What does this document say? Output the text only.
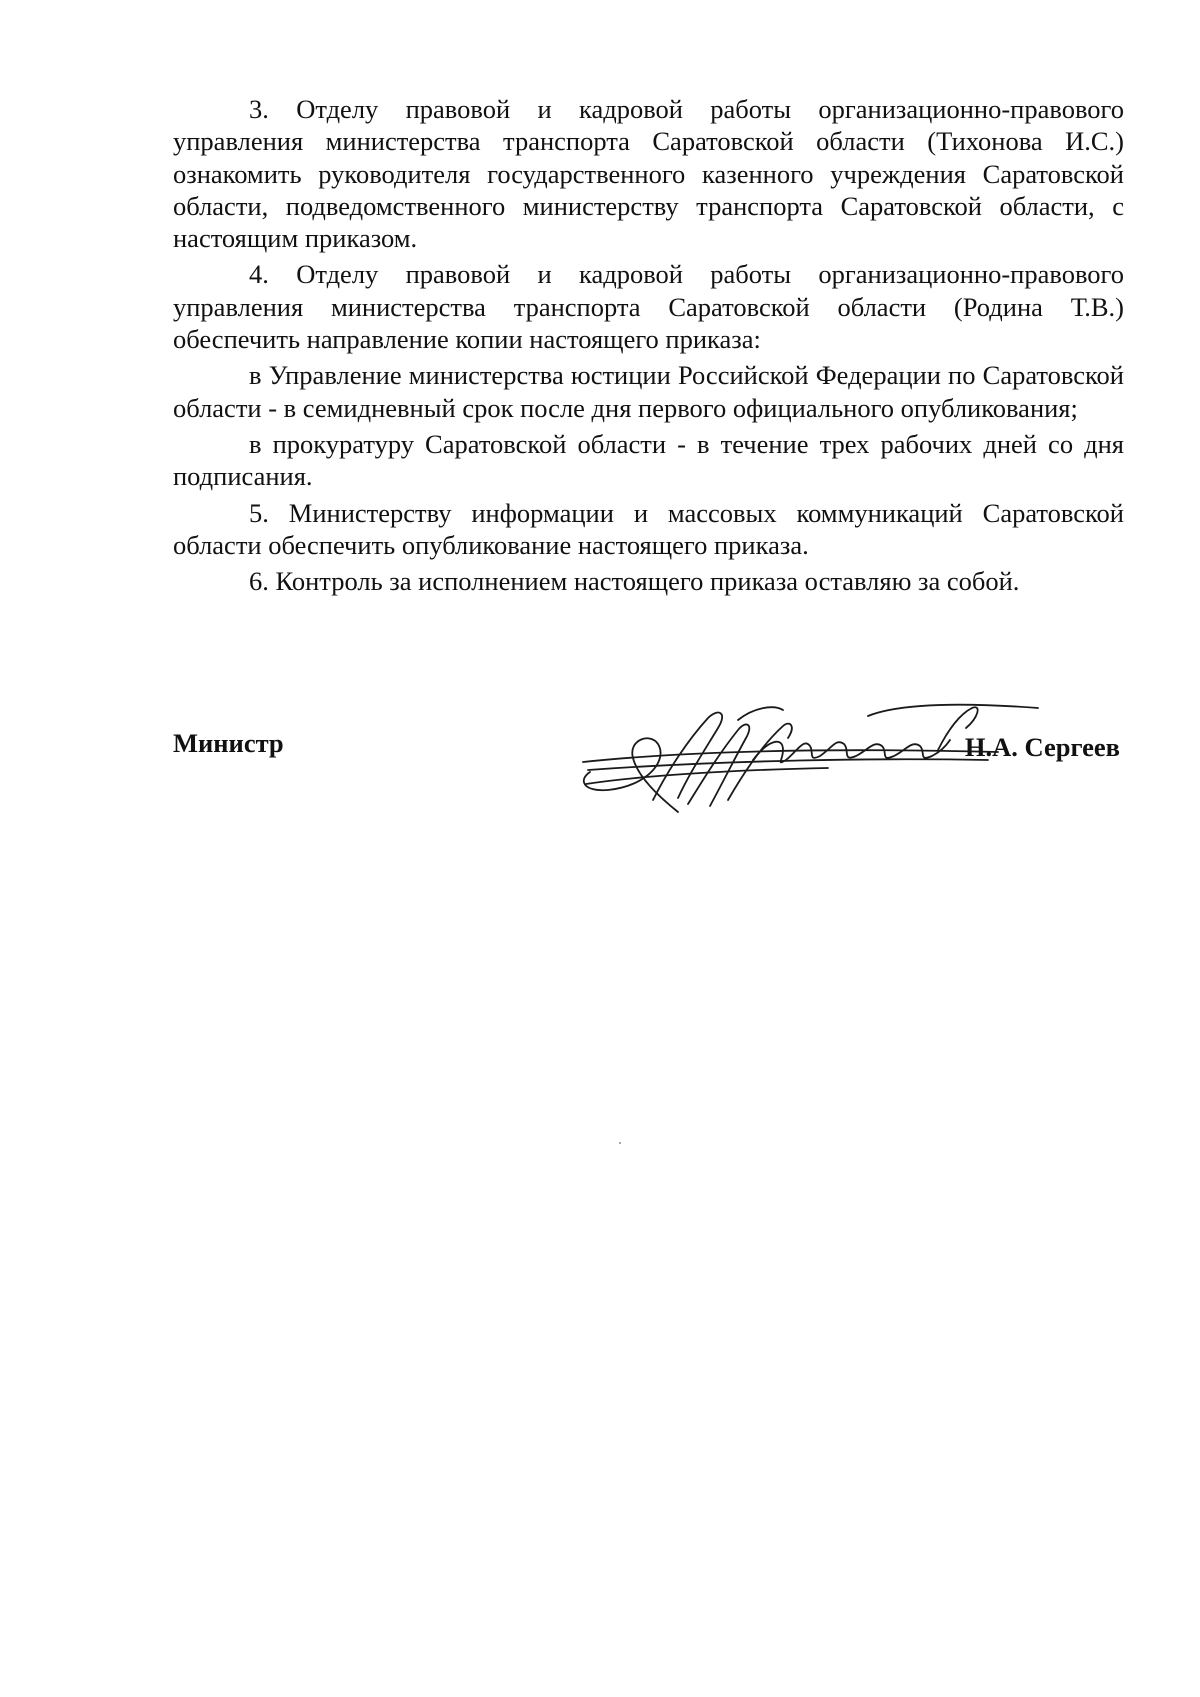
3. Отделу правовой и кадровой работы организационно-правового управления министерства транспорта Саратовской области (Тихонова И.С.) ознакомить руководителя государственного казенного учреждения Саратовской области, подведомственного министерству транспорта Саратовской области, с настоящим приказом.

4. Отделу правовой и кадровой работы организационно-правового управления министерства транспорта Саратовской области (Родина Т.В.) обеспечить направление копии настоящего приказа:

в Управление министерства юстиции Российской Федерации по Саратовской области - в семидневный срок после дня первого официального опубликования;

в прокуратуру Саратовской области - в течение трех рабочих дней со дня подписания.

5. Министерству информации и массовых коммуникаций Саратовской области обеспечить опубликование настоящего приказа.

6. Контроль за исполнением настоящего приказа оставляю за собой.

Министр	Н.А. Сергеев
